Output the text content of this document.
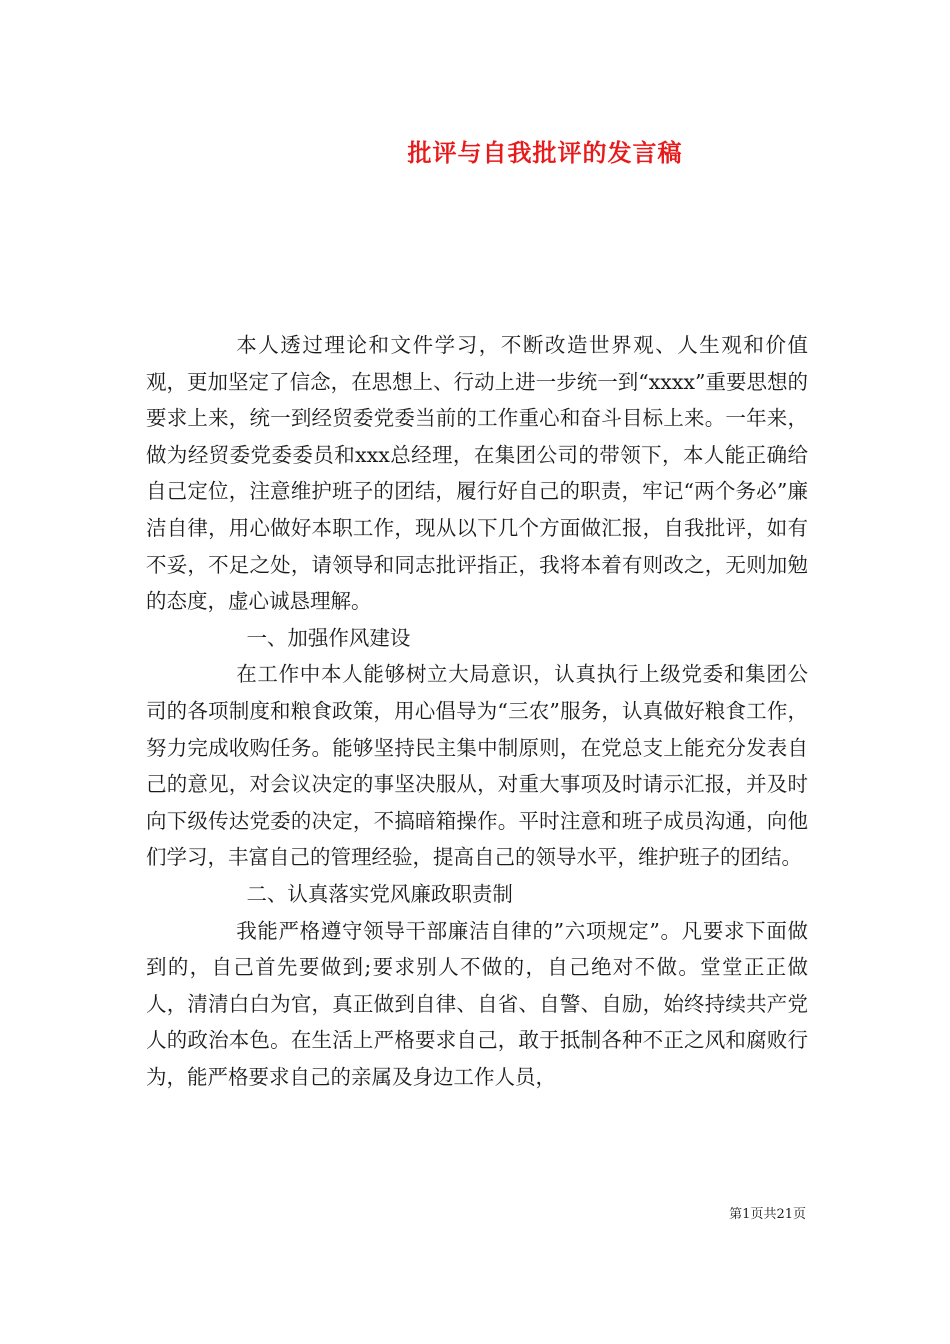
批评与自我批评的发言稿

本人透过理论和文件学习，不断改造世界观、人生观和价值观，更加坚定了信念，在思想上、行动上进一步统一到“xxxx”重要思想的要求上来，统一到经贸委党委当前的工作重心和奋斗目标上来。一年来，做为经贸委党委委员和xxx总经理，在集团公司的带领下，本人能正确给自己定位，注意维护班子的团结，履行好自己的职责，牢记“两个务必”廉洁自律，用心做好本职工作，现从以下几个方面做汇报，自我批评，如有不妥，不足之处，请领导和同志批评指正，我将本着有则改之，无则加勉的态度，虚心诚恳理解。

一、加强作风建设

在工作中本人能够树立大局意识，认真执行上级党委和集团公司的各项制度和粮食政策，用心倡导为“三农”服务，认真做好粮食工作，努力完成收购任务。能够坚持民主集中制原则，在党总支上能充分发表自己的意见，对会议决定的事坚决服从，对重大事项及时请示汇报，并及时向下级传达党委的决定，不搞暗箱操作。平时注意和班子成员沟通，向他们学习，丰富自己的管理经验，提高自己的领导水平，维护班子的团结。

二、认真落实党风廉政职责制

我能严格遵守领导干部廉洁自律的”六项规定”。凡要求下面做到的，自己首先要做到;要求别人不做的，自己绝对不做。堂堂正正做人，清清白白为官，真正做到自律、自省、自警、自励，始终持续共产党人的政治本色。在生活上严格要求自己，敢于抵制各种不正之风和腐败行为，能严格要求自己的亲属及身边工作人员，

第1页共21页
